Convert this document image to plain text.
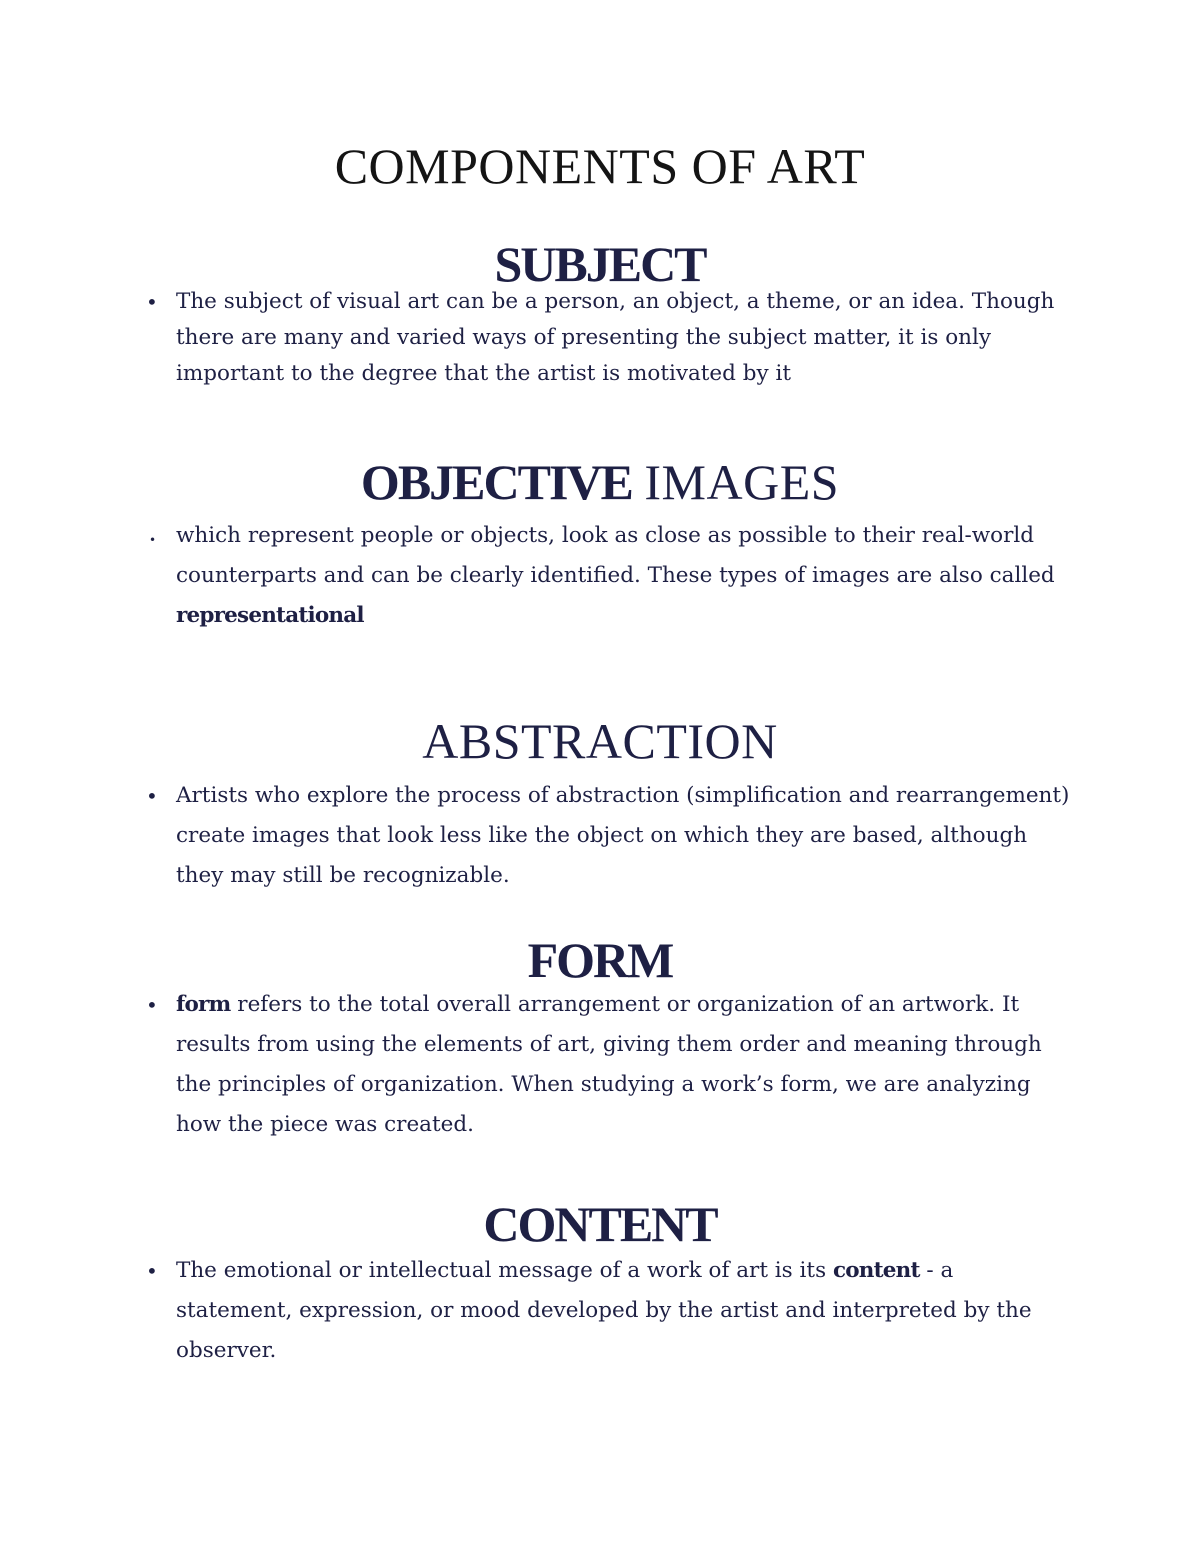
COMPONENTS OF ART
SUBJECT
• The subject of visual art can be a person, an object, a theme, or an idea. Though there are many and varied ways of presenting the subject matter, it is only important to the degree that the artist is motivated by it
OBJECTIVE IMAGES
• which represent people or objects, look as close as possible to their real-world counterparts and can be clearly identified. These types of images are also called representational
ABSTRACTION
• Artists who explore the process of abstraction (simplification and rearrangement) create images that look less like the object on which they are based, although they may still be recognizable.
FORM
• form refers to the total overall arrangement or organization of an artwork. It results from using the elements of art, giving them order and meaning through the principles of organization. When studying a work’s form, we are analyzing how the piece was created.
CONTENT
• The emotional or intellectual message of a work of art is its content - a statement, expression, or mood developed by the artist and interpreted by the observer.
